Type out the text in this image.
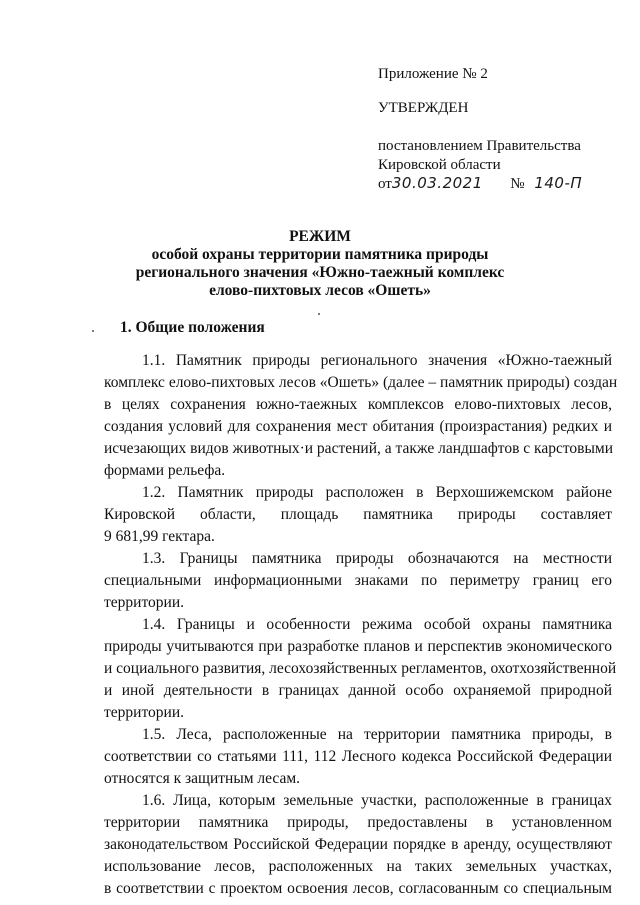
Приложение № 2
УТВЕРЖДЕН
постановлением Правительства
Кировской области
от30.03.2021 № 140-П
РЕЖИМ
особой охраны территории памятника природы
регионального значения «Южно-таежный комплекс
елово-пихтовых лесов «Ошеть»
1. Общие положения
1.1. Памятник природы регионального значения «Южно-таежный
комплекс елово-пихтовых лесов «Ошеть» (далее – памятник природы) создан
в целях сохранения южно-таежных комплексов елово-пихтовых лесов,
создания условий для сохранения мест обитания (произрастания) редких и
исчезающих видов животных·и растений, а также ландшафтов с карстовыми
формами рельефа.
1.2. Памятник природы расположен в Верхошижемском районе
Кировской области, площадь памятника природы составляет
9 681,99 гектара.
1.3. Границы памятника природы обозначаются на местности
специальными информационными знаками по периметру границ его
территории.
1.4. Границы и особенности режима особой охраны памятника
природы учитываются при разработке планов и перспектив экономического
и социального развития, лесохозяйственных регламентов, охотхозяйственной
и иной деятельности в границах данной особо охраняемой природной
территории.
1.5. Леса, расположенные на территории памятника природы, в
соответствии со статьями 111, 112 Лесного кодекса Российской Федерации
относятся к защитным лесам.
1.6. Лица, которым земельные участки, расположенные в границах
территории памятника природы, предоставлены в установленном
законодательством Российской Федерации порядке в аренду, осуществляют
использование лесов, расположенных на таких земельных участках,
в соответствии с проектом освоения лесов, согласованным со специальным
